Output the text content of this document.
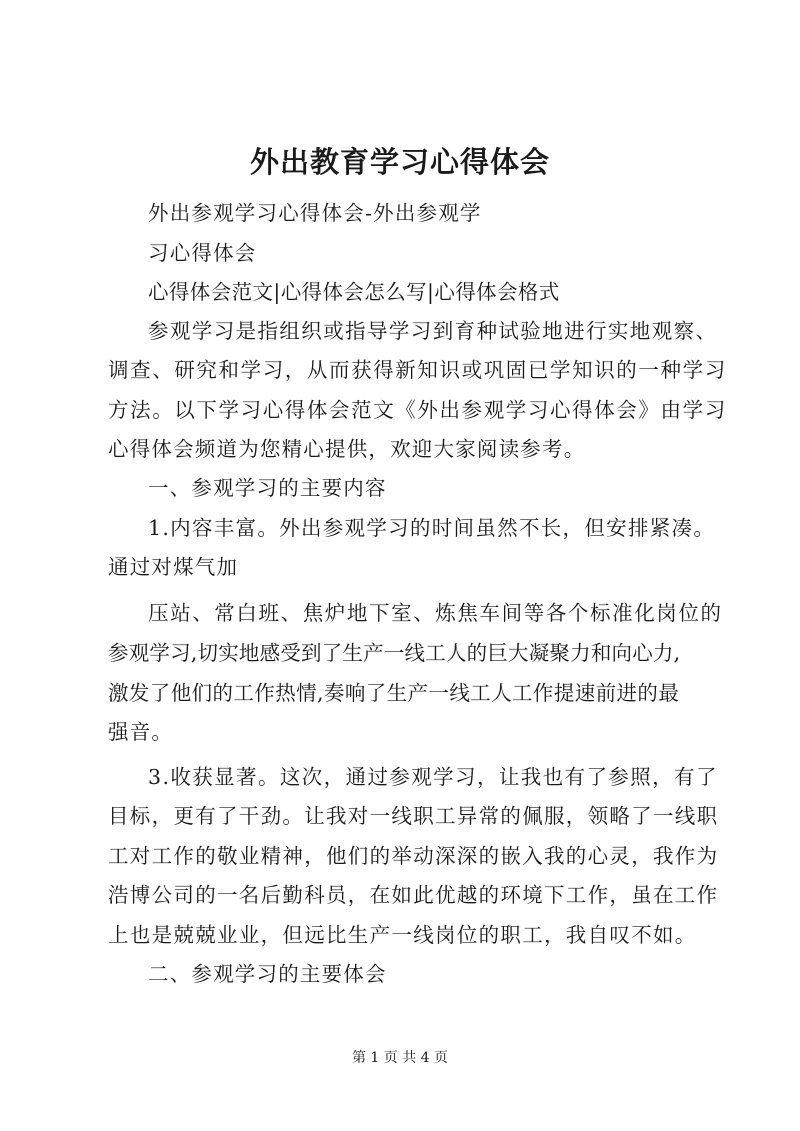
外出教育学习心得体会
外出参观学习心得体会-外出参观学
习心得体会
心得体会范文|心得体会怎么写|心得体会格式
参观学习是指组织或指导学习到育种试验地进行实地观察、
调查、研究和学习，从而获得新知识或巩固已学知识的一种学习
方法。以下学习心得体会范文《外出参观学习心得体会》由学习
心得体会频道为您精心提供，欢迎大家阅读参考。
一、参观学习的主要内容
1.内容丰富。外出参观学习的时间虽然不长，但安排紧凑。
通过对煤气加
压站、常白班、焦炉地下室、炼焦车间等各个标准化岗位的
参观学习,切实地感受到了生产一线工人的巨大凝聚力和向心力,
激发了他们的工作热情,奏响了生产一线工人工作提速前进的最
强音。
3.收获显著。这次，通过参观学习，让我也有了参照，有了
目标，更有了干劲。让我对一线职工异常的佩服，领略了一线职
工对工作的敬业精神，他们的举动深深的嵌入我的心灵，我作为
浩博公司的一名后勤科员，在如此优越的环境下工作，虽在工作
上也是兢兢业业，但远比生产一线岗位的职工，我自叹不如。
二、参观学习的主要体会
第 1 页 共 4 页
